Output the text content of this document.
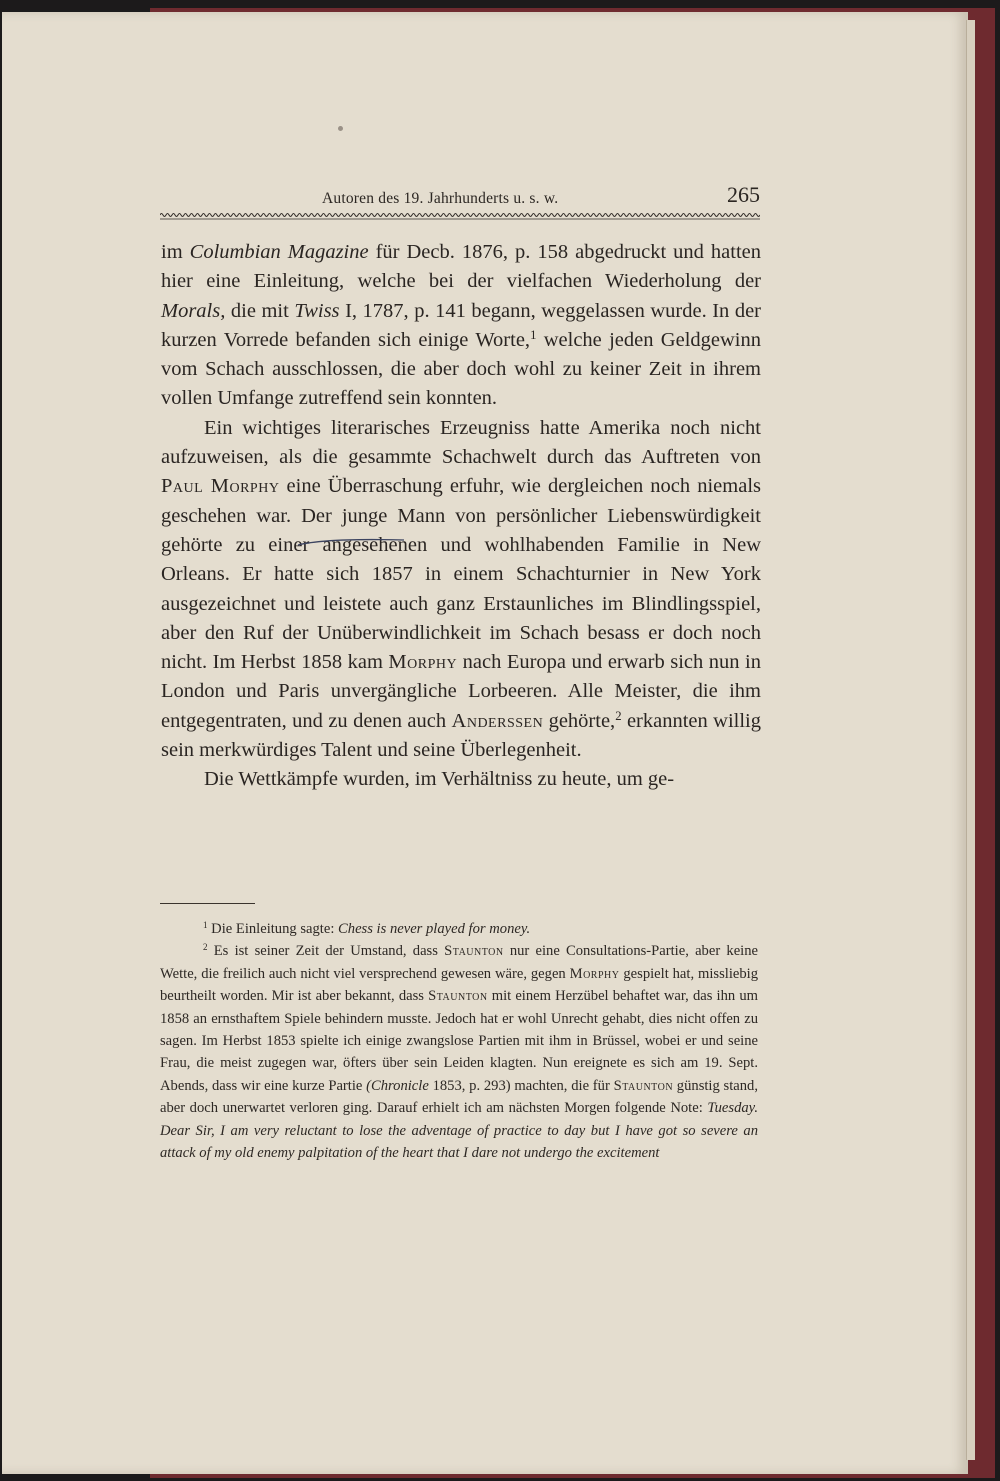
Autoren des 19. Jahrhunderts u. s. w.	265

im Columbian Magazine für Decb. 1876, p. 158 abgedruckt und hatten hier eine Einleitung, welche bei der vielfachen Wiederholung der Morals, die mit Twiss I, 1787, p. 141 begann, weggelassen wurde. In der kurzen Vorrede befanden sich einige Worte,$^1$ welche jeden Geldgewinn vom Schach ausschlossen, die aber doch wohl zu keiner Zeit in ihrem vollen Umfange zutreffend sein konnten.

Ein wichtiges literarisches Erzeugniss hatte Amerika noch nicht aufzuweisen, als die gesammte Schachwelt durch das Auftreten von Paul Morphy eine Überraschung erfuhr, wie dergleichen noch niemals geschehen war. Der junge Mann von persönlicher Liebenswürdigkeit gehörte zu einer angesehenen und wohlhabenden Familie in New Orleans. Er hatte sich 1857 in einem Schachturnier in New York ausgezeichnet und leistete auch ganz Erstaunliches im Blindlingsspiel, aber den Ruf der Unüberwindlichkeit im Schach besass er doch noch nicht. Im Herbst 1858 kam Morphy nach Europa und erwarb sich nun in London und Paris unvergängliche Lorbeeren. Alle Meister, die ihm entgegentraten, und zu denen auch Anderssen gehörte,$^2$ erkannten willig sein merkwürdiges Talent und seine Überlegenheit.

Die Wettkämpfe wurden, im Verhältniss zu heute, um ge-

$^1$ Die Einleitung sagte: Chess is never played for money.

$^2$ Es ist seiner Zeit der Umstand, dass Staunton nur eine Consultations-Partie, aber keine Wette, die freilich auch nicht viel versprechend gewesen wäre, gegen Morphy gespielt hat, missliebig beurtheilt worden. Mir ist aber bekannt, dass Staunton mit einem Herzübel behaftet war, das ihn um 1858 an ernsthaftem Spiele behindern musste. Jedoch hat er wohl Unrecht gehabt, dies nicht offen zu sagen. Im Herbst 1853 spielte ich einige zwangslose Partien mit ihm in Brüssel, wobei er und seine Frau, die meist zugegen war, öfters über sein Leiden klagten. Nun ereignete es sich am 19. Sept. Abends, dass wir eine kurze Partie (Chronicle 1853, p. 293) machten, die für Staunton günstig stand, aber doch unerwartet verloren ging. Darauf erhielt ich am nächsten Morgen folgende Note: Tuesday. Dear Sir, I am very reluctant to lose the adventage of practice to day but I have got so severe an attack of my old enemy palpitation of the heart that I dare not undergo the excitement
